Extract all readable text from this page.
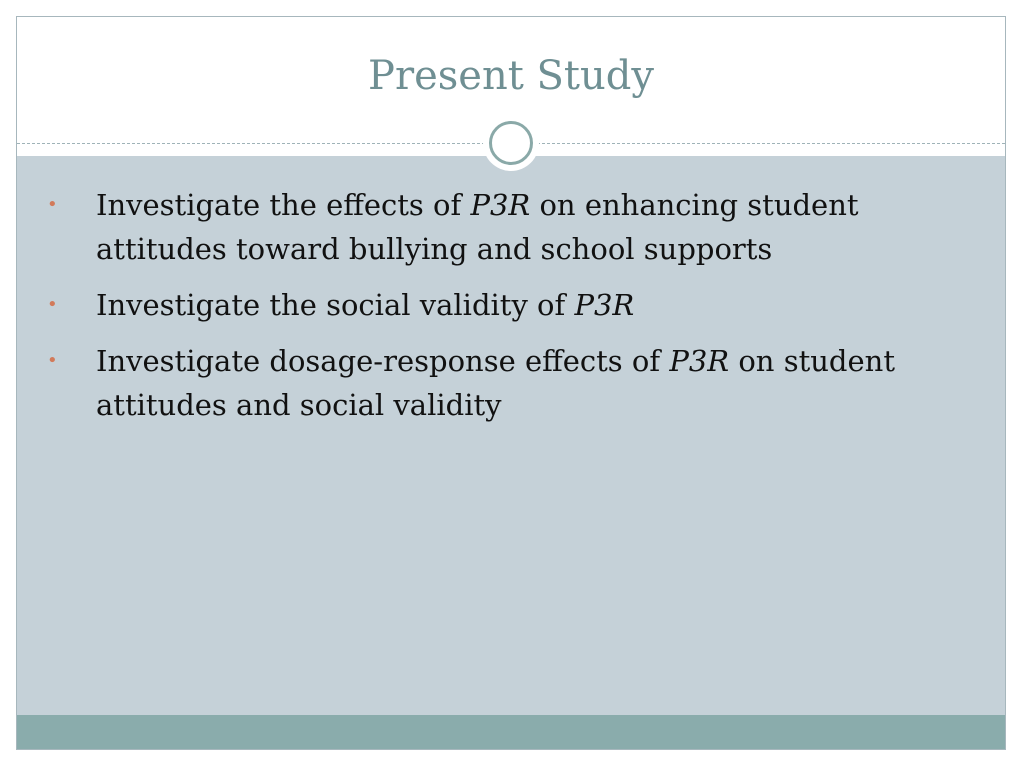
Present Study
• Investigate the effects of P3R on enhancing student attitudes toward bullying and school supports
• Investigate the social validity of P3R
• Investigate dosage-response effects of P3R on student attitudes and social validity
